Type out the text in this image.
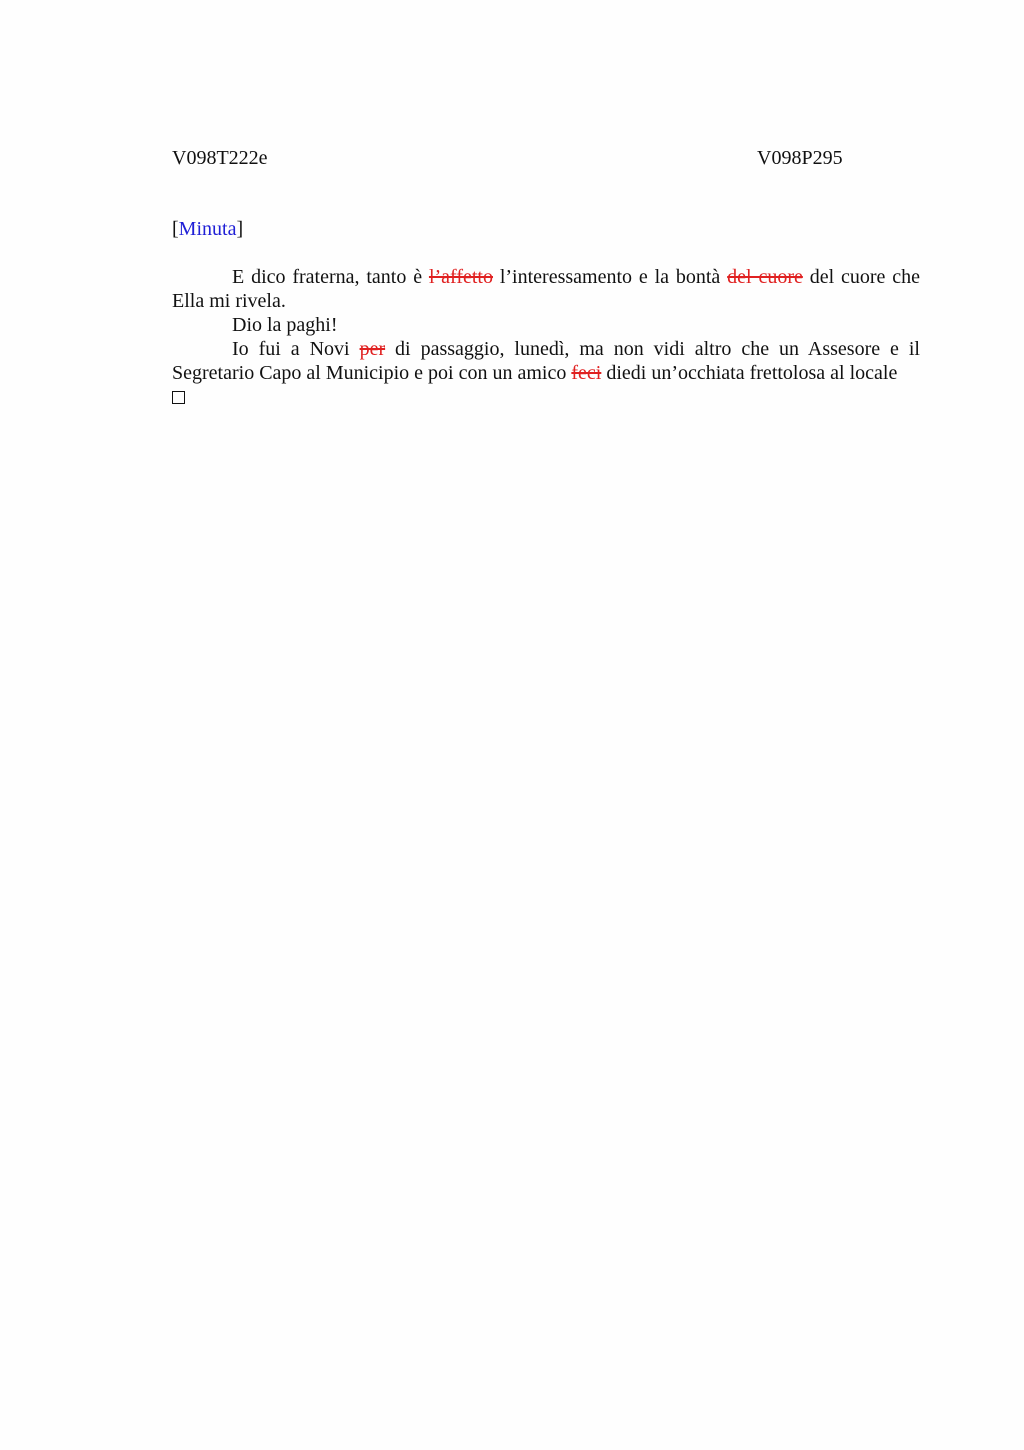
V098T222e	V098P295
[Minuta]

E dico fraterna, tanto è l’affetto l’interessamento e la bontà del cuore del cuore che Ella mi rivela.

Dio la paghi!

Io fui a Novi per di passaggio, lunedì, ma non vidi altro che un Assesore e il Segretario Capo al Municipio e poi con un amico feci diedi un’occhiata frettolosa al locale
